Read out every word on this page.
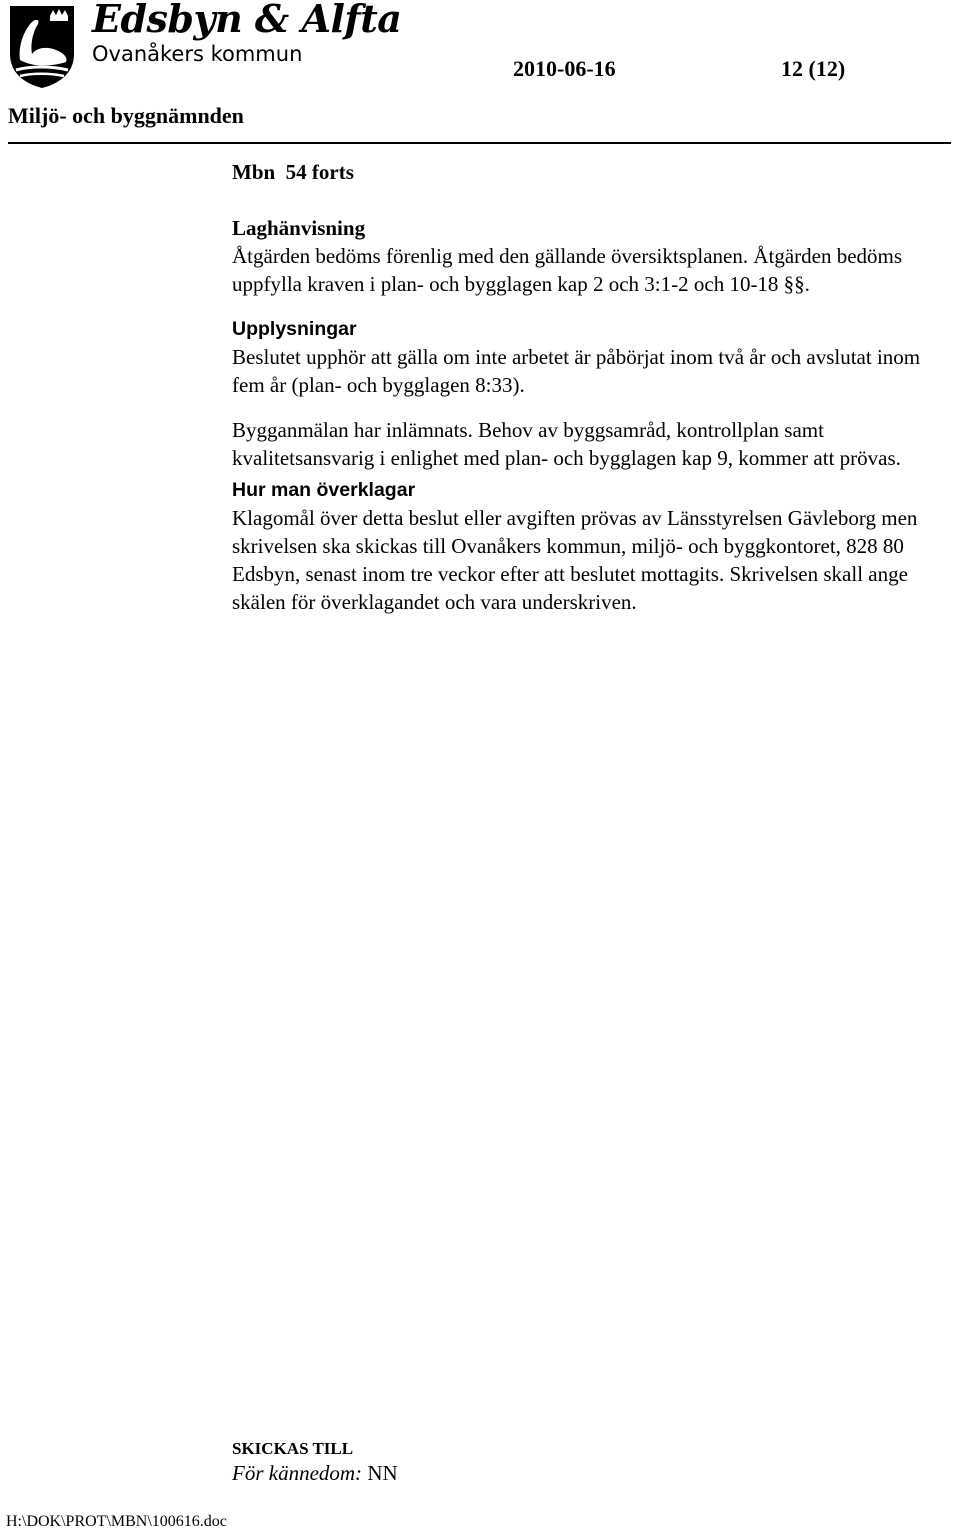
Edsbyn & Alfta
Ovanåkers kommun
2010-06-16	12 (12)
Miljö- och byggnämnden
Mbn  54 forts
Laghänvisning

Åtgärden bedöms förenlig med den gällande översiktsplanen. Åtgärden bedöms uppfylla kraven i plan- och bygglagen kap 2 och 3:1-2 och 10-18 §§.

Upplysningar

Beslutet upphör att gälla om inte arbetet är påbörjat inom två år och avslutat inom fem år (plan- och bygglagen 8:33).

Bygganmälan har inlämnats. Behov av byggsamråd, kontrollplan samt kvalitetsansvarig i enlighet med plan- och bygglagen kap 9, kommer att prövas.

Hur man överklagar

Klagomål över detta beslut eller avgiften prövas av Länsstyrelsen Gävleborg men skrivelsen ska skickas till Ovanåkers kommun, miljö- och byggkontoret, 828 80 Edsbyn, senast inom tre veckor efter att beslutet mottagits. Skrivelsen skall ange skälen för överklagandet och vara underskriven.

SKICKAS TILL
För kännedom: NN
H:\DOK\PROT\MBN\100616.doc
